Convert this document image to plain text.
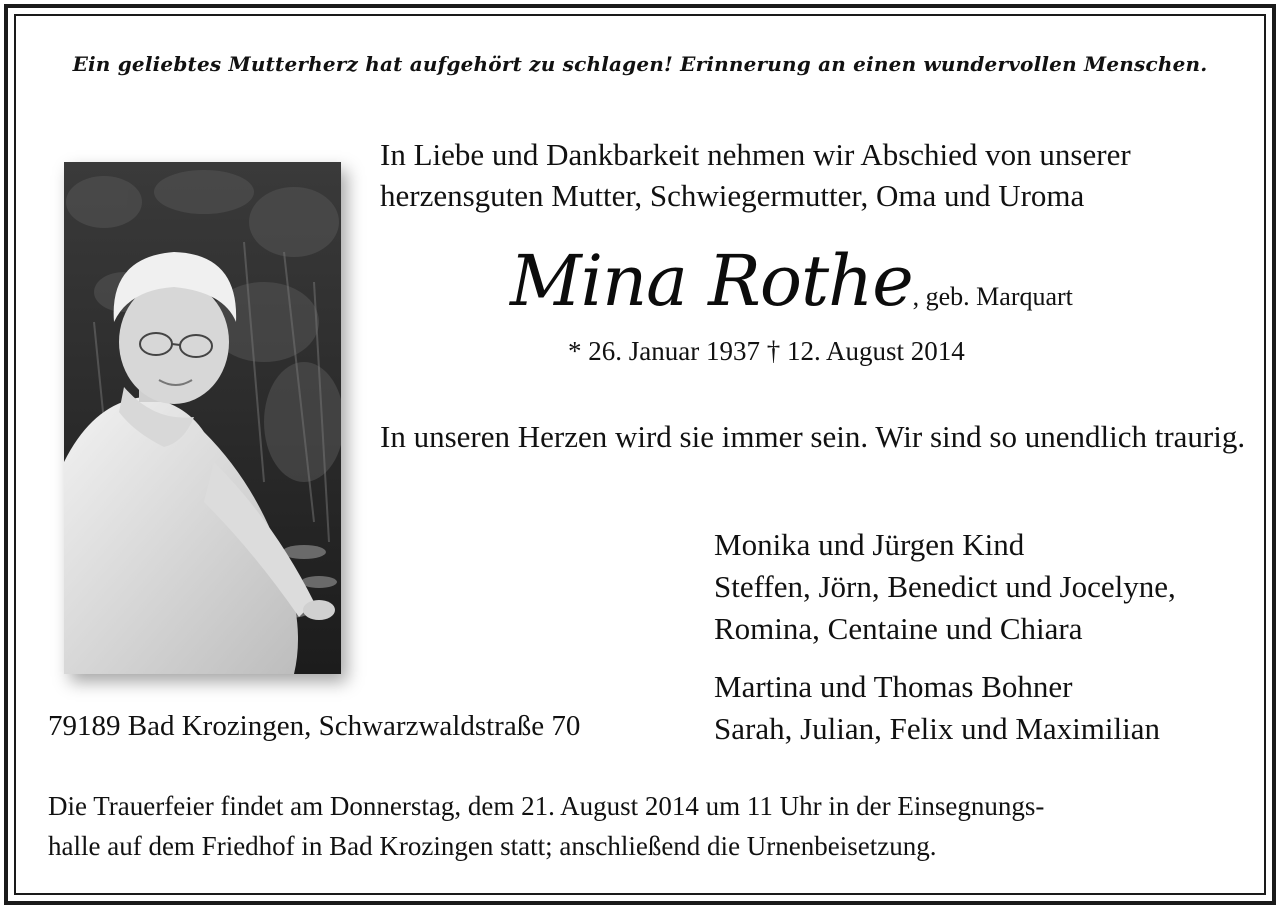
Ein geliebtes Mutterherz hat aufgehört zu schlagen! Erinnerung an einen wundervollen Menschen.

In Liebe und Dankbarkeit nehmen wir Abschied von unserer herzensguten Mutter, Schwiegermutter, Oma und Uroma

Mina Rothe, geb. Marquart
* 26. Januar 1937 † 12. August 2014

In unseren Herzen wird sie immer sein. Wir sind so unendlich traurig.

Monika und Jürgen Kind
Steffen, Jörn, Benedict und Jocelyne,
Romina, Centaine und Chiara

Martina und Thomas Bohner
Sarah, Julian, Felix und Maximilian

79189 Bad Krozingen, Schwarzwaldstraße 70

Die Trauerfeier findet am Donnerstag, dem 21. August 2014 um 11 Uhr in der Einsegnungs-
halle auf dem Friedhof in Bad Krozingen statt; anschließend die Urnenbeisetzung.
